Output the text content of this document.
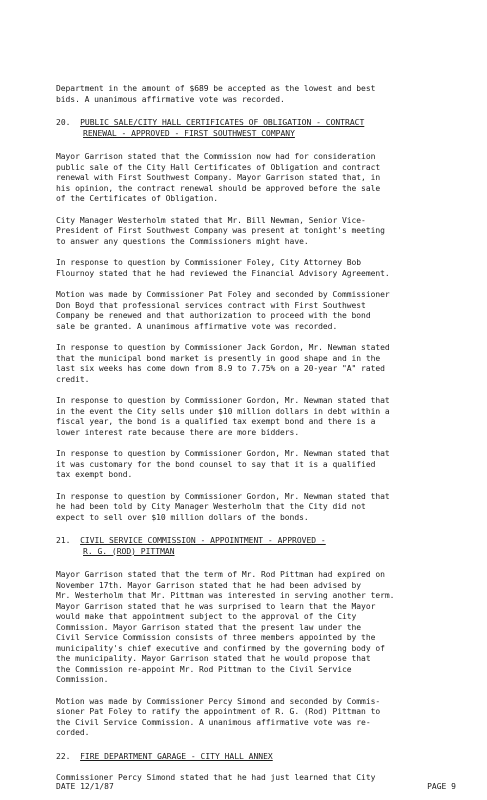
Department in the amount of $689 be accepted as the lowest and best
bids. A unanimous affirmative vote was recorded.

20. PUBLIC SALE/CITY HALL CERTIFICATES OF OBLIGATION - CONTRACT

RENEWAL - APPROVED - FIRST SOUTHWEST COMPANY

Mayor Garrison stated that the Commission now had for consideration
public sale of the City Hall Certificates of Obligation and contract
renewal with First Southwest Company. Mayor Garrison stated that, in
his opinion, the contract renewal should be approved before the sale
of the Certificates of Obligation.

City Manager Westerholm stated that Mr. Bill Newman, Senior Vice-
President of First Southwest Company was present at tonight's meeting
to answer any questions the Commissioners might have.

In response to question by Commissioner Foley, City Attorney Bob
Flournoy stated that he had reviewed the Financial Advisory Agreement.

Motion was made by Commissioner Pat Foley and seconded by Commissioner
Don Boyd that professional services contract with First Southwest
Company be renewed and that authorization to proceed with the bond
sale be granted. A unanimous affirmative vote was recorded.

In response to question by Commissioner Jack Gordon, Mr. Newman stated
that the municipal bond market is presently in good shape and in the
last six weeks has come down from 8.9 to 7.75% on a 20-year "A" rated
credit.

In response to question by Commissioner Gordon, Mr. Newman stated that
in the event the City sells under $10 million dollars in debt within a
fiscal year, the bond is a qualified tax exempt bond and there is a
lower interest rate because there are more bidders.

In response to question by Commissioner Gordon, Mr. Newman stated that
it was customary for the bond counsel to say that it is a qualified
tax exempt bond.

In response to question by Commissioner Gordon, Mr. Newman stated that
he had been told by City Manager Westerholm that the City did not
expect to sell over $10 million dollars of the bonds.

21. CIVIL SERVICE COMMISSION - APPOINTMENT - APPROVED -

R. G. (ROD) PITTMAN

Mayor Garrison stated that the term of Mr. Rod Pittman had expired on
November 17th. Mayor Garrison stated that he had been advised by
Mr. Westerholm that Mr. Pittman was interested in serving another term.
Mayor Garrison stated that he was surprised to learn that the Mayor
would make that appointment subject to the approval of the City
Commission. Mayor Garrison stated that the present law under the
Civil Service Commission consists of three members appointed by the
municipality's chief executive and confirmed by the governing body of
the municipality. Mayor Garrison stated that he would propose that
the Commission re-appoint Mr. Rod Pittman to the Civil Service
Commission.

Motion was made by Commissioner Percy Simond and seconded by Commis-
sioner Pat Foley to ratify the appointment of R. G. (Rod) Pittman to
the Civil Service Commission. A unanimous affirmative vote was re-
corded.

22. FIRE DEPARTMENT GARAGE - CITY HALL ANNEX

Commissioner Percy Simond stated that he had just learned that City

DATE 12/1/87	PAGE 9
